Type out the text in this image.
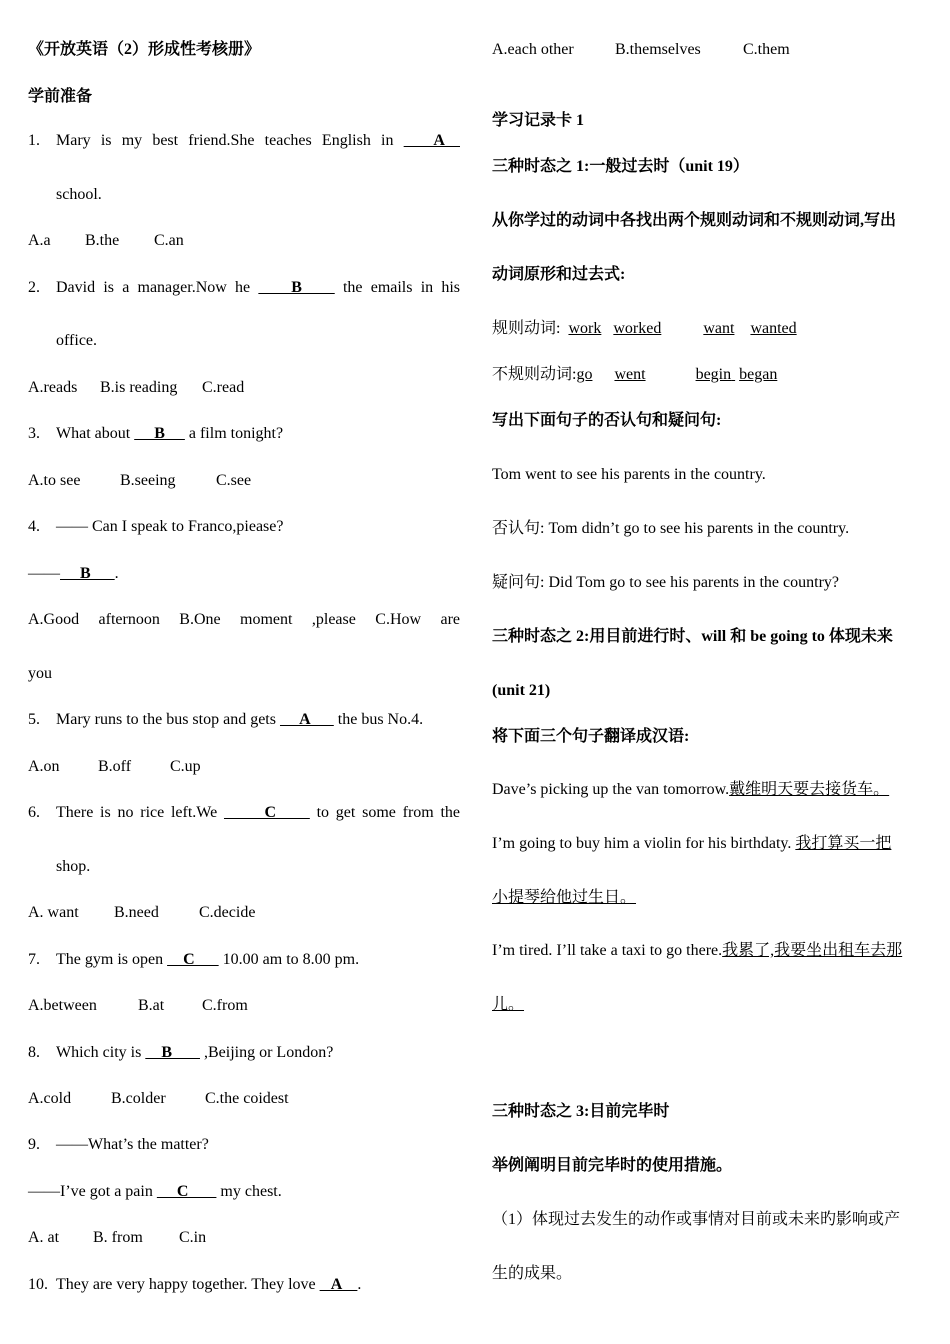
《开放英语（2）形成性考核册》
学前准备
1. Mary is my best friend.She teaches English in    A
school.
A.a B.the C.an
2. David is a manager.Now he     B     the emails in his
office.
A.reads B.is reading C.read
3. What about      B      a film tonight?
A.to see B.seeing	C.see
4. —— Can I speak to Franco,piease?
——     B      .
A.Good afternoon B.One moment ,please C.How are
you
5. Mary runs to the bus stop and gets      A       the bus No.4.
A.on B.off C.up
6. There is no rice left.We       C      to get some from the
shop.
A. want B.need	C.decide
7. The gym is open     C       10.00 am to 8.00 pm.
A.between	B.at C.from
8. Which city is     B        ,Beijing or London?
A.cold B.colder C.the coidest
9. ——What’s the matter?
——I’ve got a pain      C        my chest.
A. at B. from C.in
10. They are very happy together. They love    A    .
A.each other	B.themselves	C.them
学习记录卡 1
三种时态之 1:一般过去时（unit 19）
从你学过的动词中各找出两个规则动词和不规则动词,写出
动词原形和过去式:
规则动词: work worked	want wanted
不规则动词:go went	begin began
写出下面句子的否认句和疑问句:
Tom went to see his parents in the country.
否认句: Tom didn’t go to see his parents in the country.
疑问句: Did Tom go to see his parents in the country?
三种时态之 2:用目前进行时、will 和 be going to 体现未来
(unit 21)
将下面三个句子翻译成汉语:
Dave’s picking up the van tomorrow.戴维明天要去接货车。
I’m going to buy him a violin for his birthdaty. 我打算买一把
小提琴给他过生日。
I’m tired. I’ll take a taxi to go there.我累了,我要坐出租车去那
儿。
三种时态之 3:目前完毕时
举例阐明目前完毕时的使用措施。
（1）体现过去发生的动作或事情对目前或未来旳影响或产
生的成果。
